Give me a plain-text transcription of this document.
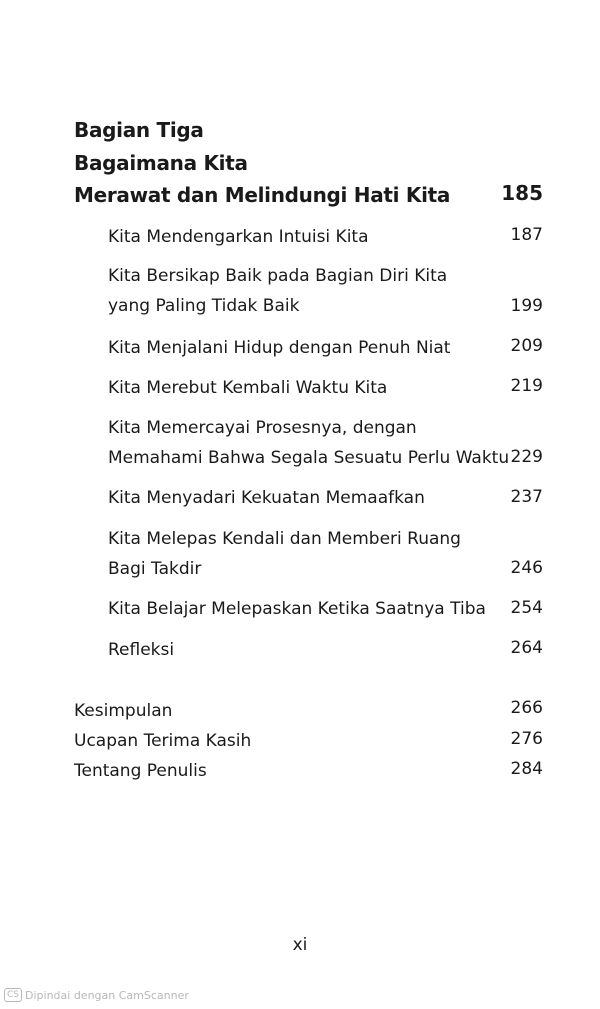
Bagian Tiga
Bagaimana Kita
Merawat dan Melindungi Hati Kita	185
Kita Mendengarkan Intuisi Kita	187
Kita Bersikap Baik pada Bagian Diri Kita
yang Paling Tidak Baik	199
Kita Menjalani Hidup dengan Penuh Niat	209
Kita Merebut Kembali Waktu Kita	219
Kita Memercayai Prosesnya, dengan
Memahami Bahwa Segala Sesuatu Perlu Waktu 229
Kita Menyadari Kekuatan Memaafkan	237
Kita Melepas Kendali dan Memberi Ruang
Bagi Takdir	246
Kita Belajar Melepaskan Ketika Saatnya Tiba 254
Refleksi	264
Kesimpulan	266
Ucapan Terima Kasih	276
Tentang Penulis	284
xi
CS Dipindai dengan CamScanner
